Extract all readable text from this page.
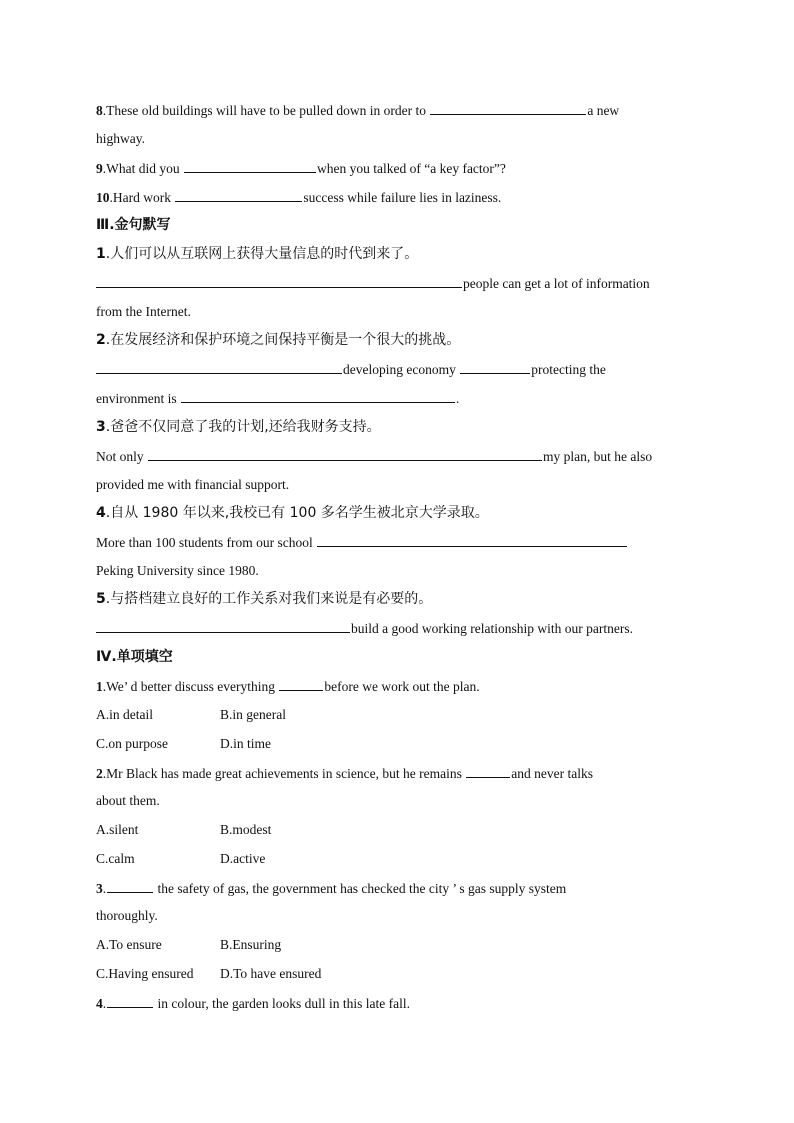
8.These old buildings will have to be pulled down in order to	a new
highway.
9.What did you	when you talked of “a key factor”?
10.Hard work	success while failure lies in laziness.
Ⅲ.金句默写
1.人们可以从互联网上获得大量信息的时代到来了。
people can get a lot of information
from the Internet.
2.在发展经济和保护环境之间保持平衡是一个很大的挑战。
developing economy	protecting the
environment is	.
3.爸爸不仅同意了我的计划,还给我财务支持。
Not only	my plan, but he also
provided me with financial support.
4.自从 1980 年以来,我校已有 100 多名学生被北京大学录取。
More than 100 students from our school
Peking University since 1980.
5.与搭档建立良好的工作关系对我们来说是有必要的。
build a good working relationship with our partners.
Ⅳ.单项填空
1.We’ d better discuss everything	before we work out the plan.
A.in detail	B.in general
C.on purpose	D.in time
2.Mr Black has made great achievements in science, but he remains	and never talks
about them.
A.silent	B.modest
C.calm	D.active
3.	the safety of gas, the government has checked the city ’ s gas supply system
thoroughly.
A.To ensure	B.Ensuring
C.Having ensured D.To have ensured
4.	in colour, the garden looks dull in this late fall.
